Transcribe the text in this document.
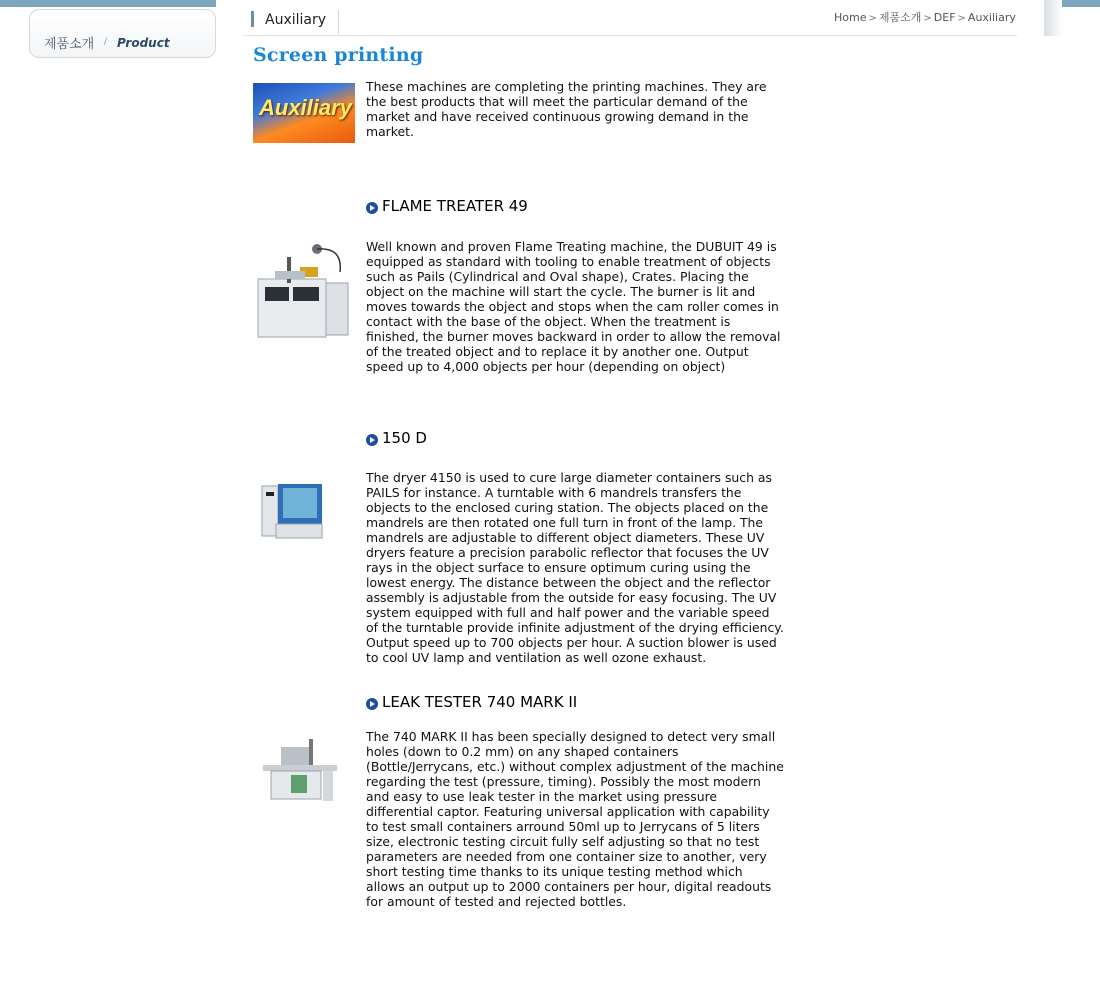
제품소개 / Product
Auxiliary	Home > 제품소개 > DEF > Auxiliary
Screen printing
Auxiliary
These machines are completing the printing machines. They are the best products that will meet the particular demand of the market and have received continuous growing demand in the market.
FLAME TREATER 49
Well known and proven Flame Treating machine, the DUBUIT 49 is equipped as standard with tooling to enable treatment of objects such as Pails (Cylindrical and Oval shape), Crates. Placing the object on the machine will start the cycle. The burner is lit and moves towards the object and stops when the cam roller comes in contact with the base of the object. When the treatment is finished, the burner moves backward in order to allow the removal of the treated object and to replace it by another one. Output speed up to 4,000 objects per hour (depending on object)
150 D
The dryer 4150 is used to cure large diameter containers such as PAILS for instance. A turntable with 6 mandrels transfers the objects to the enclosed curing station. The objects placed on the mandrels are then rotated one full turn in front of the lamp. The mandrels are adjustable to different object diameters. These UV dryers feature a precision parabolic reflector that focuses the UV rays in the object surface to ensure optimum curing using the lowest energy. The distance between the object and the reflector assembly is adjustable from the outside for easy focusing. The UV system equipped with full and half power and the variable speed of the turntable provide infinite adjustment of the drying efficiency. Output speed up to 700 objects per hour. A suction blower is used to cool UV lamp and ventilation as well ozone exhaust.
LEAK TESTER 740 MARK II
The 740 MARK II has been specially designed to detect very small holes (down to 0.2 mm) on any shaped containers (Bottle/Jerrycans, etc.) without complex adjustment of the machine regarding the test (pressure, timing). Possibly the most modern and easy to use leak tester in the market using pressure differential captor. Featuring universal application with capability to test small containers arround 50ml up to Jerrycans of 5 liters size, electronic testing circuit fully self adjusting so that no test parameters are needed from one container size to another, very short testing time thanks to its unique testing method which allows an output up to 2000 containers per hour, digital readouts for amount of tested and rejected bottles.
